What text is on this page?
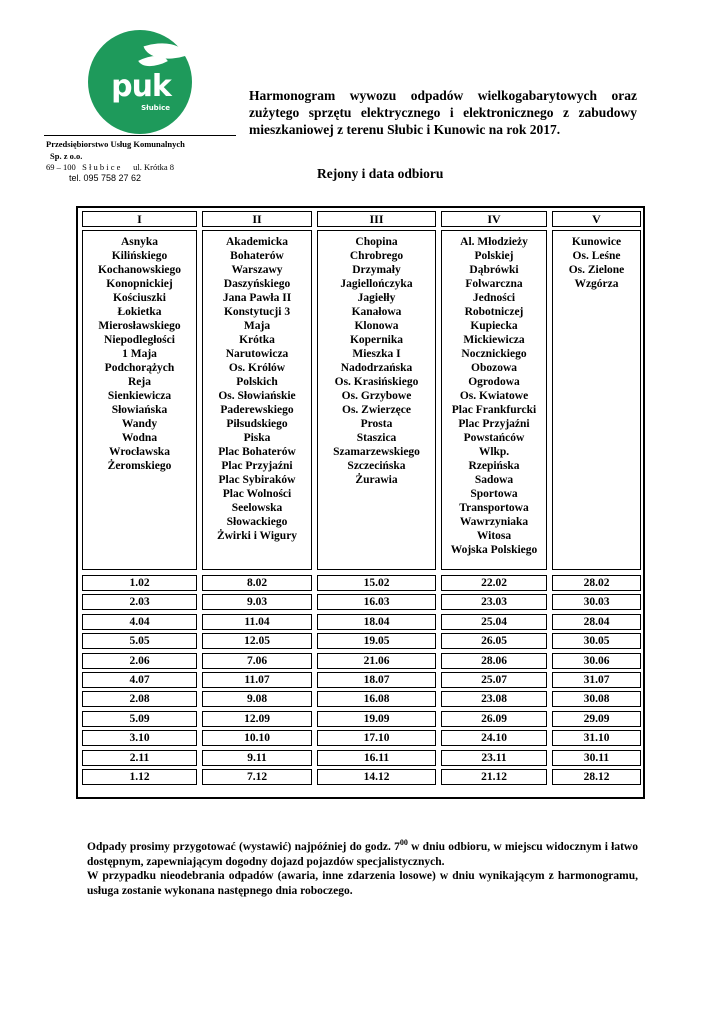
puk
Słubice
Harmonogram wywozu odpadów wielkogabarytowych oraz zużytego sprzętu elektrycznego i elektronicznego z zabudowy mieszkaniowej z terenu Słubic i Kunowic na rok 2017.
Przedsiębiorstwo Usług Komunalnych
Sp. z o.o.
69 – 100   S ł u b i c e      ul. Krótka 8
tel. 095 758 27 62	Rejony i data odbioru
I
Asnyka
Kilińskiego
Kochanowskiego
Konopnickiej
Kościuszki
Łokietka
Mierosławskiego
Niepodległości
1 Maja
Podchorążych
Reja
Sienkiewicza
Słowiańska
Wandy
Wodna
Wrocławska
Żeromskiego
1.02
2.03
4.04
5.05
2.06
4.07
2.08
5.09
3.10
2.11
1.12
II
Akademicka
Bohaterów
Warszawy
Daszyńskiego
Jana Pawła II
Konstytucji 3
Maja
Krótka
Narutowicza
Os. Królów
Polskich
Os. Słowiańskie
Paderewskiego
Piłsudskiego
Piska
Plac Bohaterów
Plac Przyjaźni
Plac Sybiraków
Plac Wolności
Seelowska
Słowackiego
Żwirki i Wigury
8.02
9.03
11.04
12.05
7.06
11.07
9.08
12.09
10.10
9.11
7.12
III
Chopina
Chrobrego
Drzymały
Jagiellończyka
Jagiełły
Kanałowa
Klonowa
Kopernika
Mieszka I
Nadodrzańska
Os. Krasińskiego
Os. Grzybowe
Os. Zwierzęce
Prosta
Staszica
Szamarzewskiego
Szczecińska
Żurawia
15.02
16.03
18.04
19.05
21.06
18.07
16.08
19.09
17.10
16.11
14.12
IV
Al. Młodzieży
Polskiej
Dąbrówki
Folwarczna
Jedności
Robotniczej
Kupiecka
Mickiewicza
Nocznickiego
Obozowa
Ogrodowa
Os. Kwiatowe
Plac Frankfurcki
Plac Przyjaźni
Powstańców
Wlkp.
Rzepińska
Sadowa
Sportowa
Transportowa
Wawrzyniaka
Witosa
Wojska Polskiego
22.02
23.03
25.04
26.05
28.06
25.07
23.08
26.09
24.10
23.11
21.12
V
Kunowice
Os. Leśne
Os. Zielone
Wzgórza
28.02
30.03
28.04
30.05
30.06
31.07
30.08
29.09
31.10
30.11
28.12

Odpady prosimy przygotować (wystawić) najpóźniej do godz. $7^{00}$ w dniu odbioru, w miejscu widocznym i łatwo dostępnym, zapewniającym dogodny dojazd pojazdów specjalistycznych.

W przypadku nieodebrania odpadów (awaria, inne zdarzenia losowe) w dniu wynikającym z harmonogramu, usługa zostanie wykonana następnego dnia roboczego.
